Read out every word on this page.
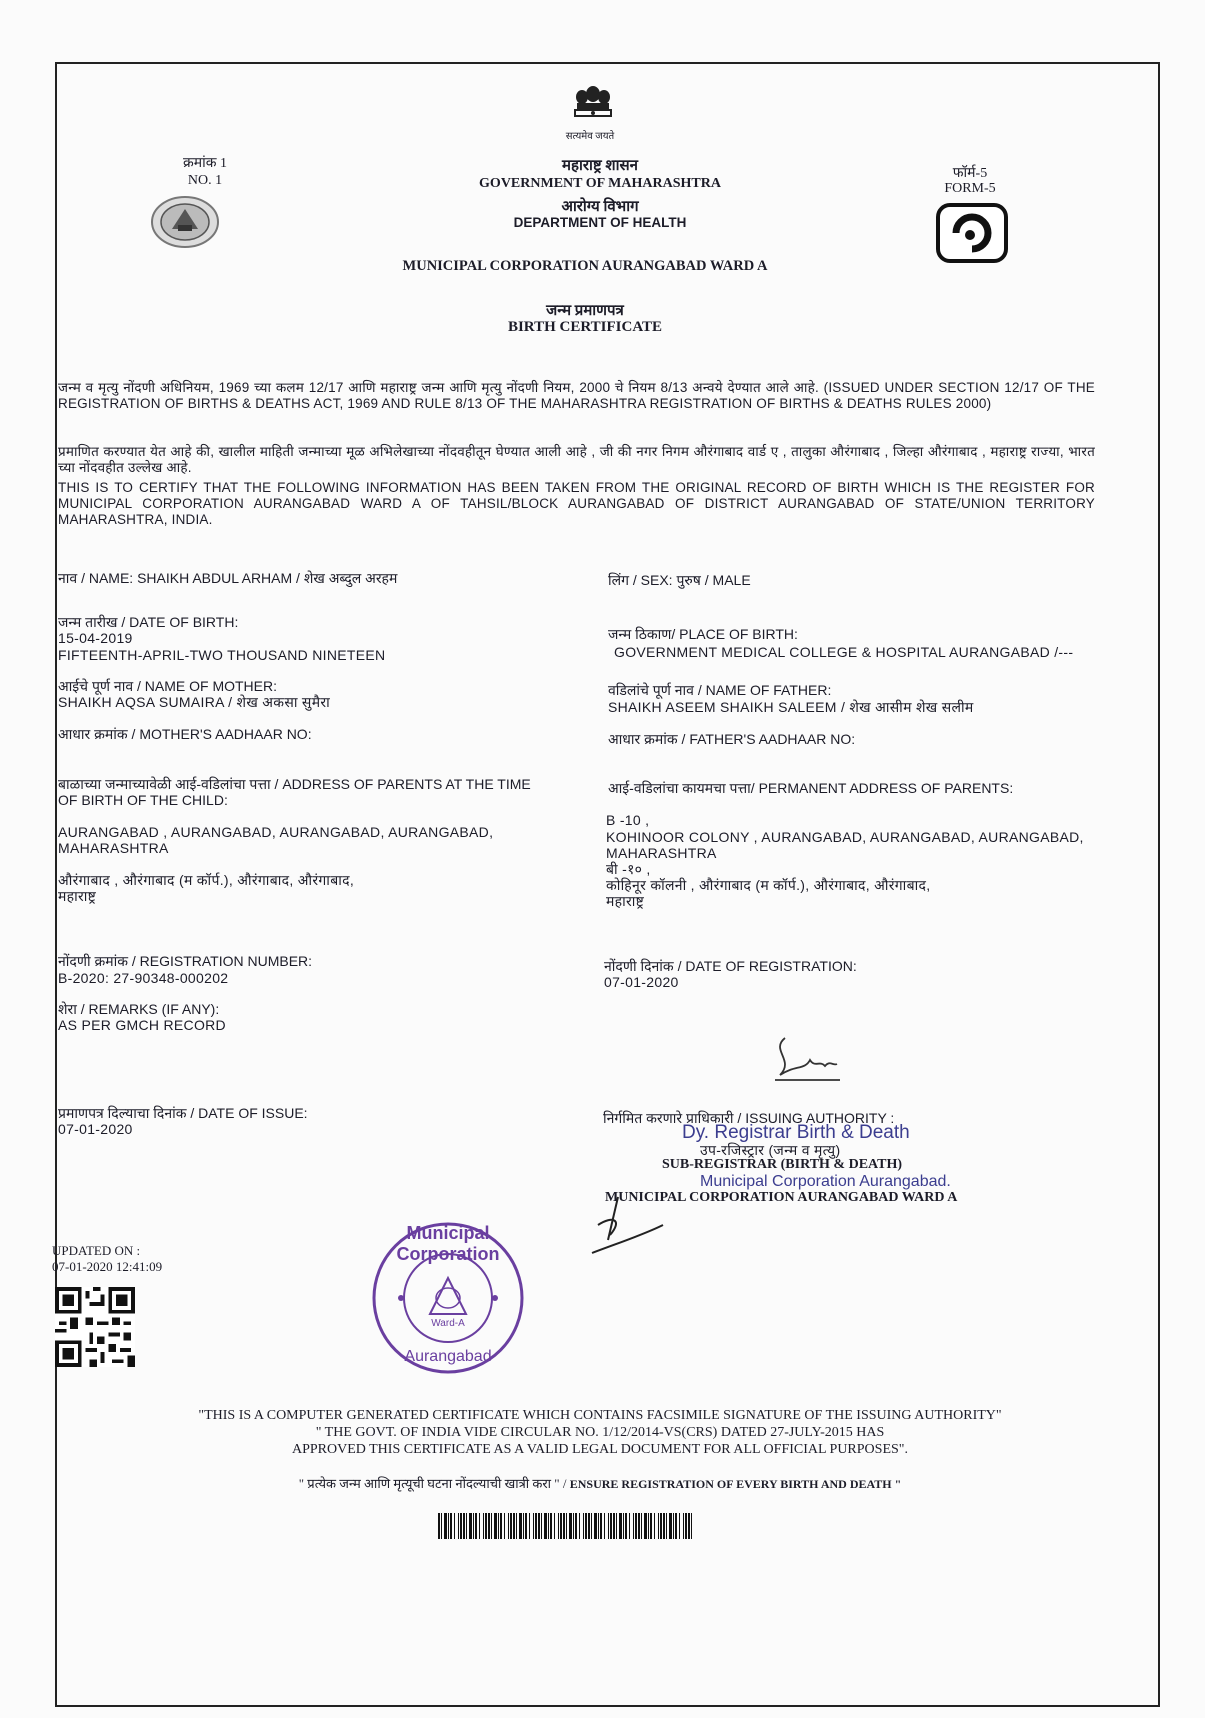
सत्यमेव जयते
क्रमांक 1
NO. 1
महाराष्ट्र शासन
GOVERNMENT OF MAHARASHTRA
आरोग्य विभाग
DEPARTMENT OF HEALTH
फॉर्म-5
FORM-5
MUNICIPAL CORPORATION AURANGABAD WARD A
जन्म प्रमाणपत्र
BIRTH CERTIFICATE
जन्म व मृत्यु नोंदणी अधिनियम, 1969 च्या कलम 12/17 आणि महाराष्ट्र जन्म आणि मृत्यु नोंदणी नियम, 2000 चे नियम 8/13 अन्वये देण्यात आले आहे. (ISSUED UNDER SECTION 12/17 OF THE REGISTRATION OF BIRTHS & DEATHS ACT, 1969 AND RULE 8/13 OF THE MAHARASHTRA REGISTRATION OF BIRTHS & DEATHS RULES 2000)
प्रमाणित करण्यात येत आहे की, खालील माहिती जन्माच्या मूळ अभिलेखाच्या नोंदवहीतून घेण्यात आली आहे , जी की नगर निगम औरंगाबाद वार्ड ए , तालुका औरंगाबाद , जिल्हा औरंगाबाद , महाराष्ट्र राज्या, भारत च्या नोंदवहीत उल्लेख आहे.
THIS IS TO CERTIFY THAT THE FOLLOWING INFORMATION HAS BEEN TAKEN FROM THE ORIGINAL RECORD OF BIRTH WHICH IS THE REGISTER FOR MUNICIPAL CORPORATION AURANGABAD WARD A OF TAHSIL/BLOCK AURANGABAD OF DISTRICT AURANGABAD OF STATE/UNION TERRITORY MAHARASHTRA, INDIA.
नाव / NAME: SHAIKH ABDUL ARHAM / शेख अब्दुल अरहम
जन्म तारीख / DATE OF BIRTH:
15-04-2019
FIFTEENTH-APRIL-TWO THOUSAND NINETEEN
आईचे पूर्ण नाव / NAME OF MOTHER:
SHAIKH AQSA SUMAIRA / शेख अकसा सुमैरा
आधार क्रमांक / MOTHER'S AADHAAR NO:
बाळाच्या जन्माच्यावेळी आई-वडिलांचा पत्ता / ADDRESS OF PARENTS AT THE TIME
OF BIRTH OF THE CHILD:
AURANGABAD , AURANGABAD, AURANGABAD, AURANGABAD,
MAHARASHTRA
औरंगाबाद , औरंगाबाद (म कॉर्प.), औरंगाबाद, औरंगाबाद,
महाराष्ट्र
नोंदणी क्रमांक / REGISTRATION NUMBER:
B-2020: 27-90348-000202
शेरा / REMARKS (IF ANY):
AS PER GMCH RECORD
प्रमाणपत्र दिल्याचा दिनांक / DATE OF ISSUE:
07-01-2020
लिंग / SEX: पुरुष / MALE
जन्म ठिकाण/ PLACE OF BIRTH:
GOVERNMENT MEDICAL COLLEGE & HOSPITAL AURANGABAD /---
वडिलांचे पूर्ण नाव / NAME OF FATHER:
SHAIKH ASEEM SHAIKH SALEEM / शेख आसीम शेख सलीम
आधार क्रमांक / FATHER'S AADHAAR NO:
आई-वडिलांचा कायमचा पत्ता/ PERMANENT ADDRESS OF PARENTS:
B -10 ,
KOHINOOR COLONY , AURANGABAD, AURANGABAD, AURANGABAD,
MAHARASHTRA
बी -१० ,
कोहिनूर कॉलनी , औरंगाबाद (म कॉर्प.), औरंगाबाद, औरंगाबाद,
महाराष्ट्र
नोंदणी दिनांक / DATE OF REGISTRATION:
07-01-2020
निर्गमित करणारे प्राधिकारी / ISSUING AUTHORITY :
Dy. Registrar Birth & Death
उप-रजिस्ट्रार (जन्म व मृत्यु)
SUB-REGISTRAR (BIRTH & DEATH)
Municipal Corporation Aurangabad.
MUNICIPAL CORPORATION AURANGABAD WARD A
Municipal Corporation
Ward-A
Aurangabad
UPDATED ON :
07-01-2020 12:41:09
"THIS IS A COMPUTER GENERATED CERTIFICATE WHICH CONTAINS FACSIMILE SIGNATURE OF THE ISSUING AUTHORITY"
" THE GOVT. OF INDIA VIDE CIRCULAR NO. 1/12/2014-VS(CRS) DATED 27-JULY-2015 HAS
APPROVED THIS CERTIFICATE AS A VALID LEGAL DOCUMENT FOR ALL OFFICIAL PURPOSES".
" प्रत्येक जन्म आणि मृत्यूची घटना नोंदल्याची खात्री करा " / ENSURE REGISTRATION OF EVERY BIRTH AND DEATH "
